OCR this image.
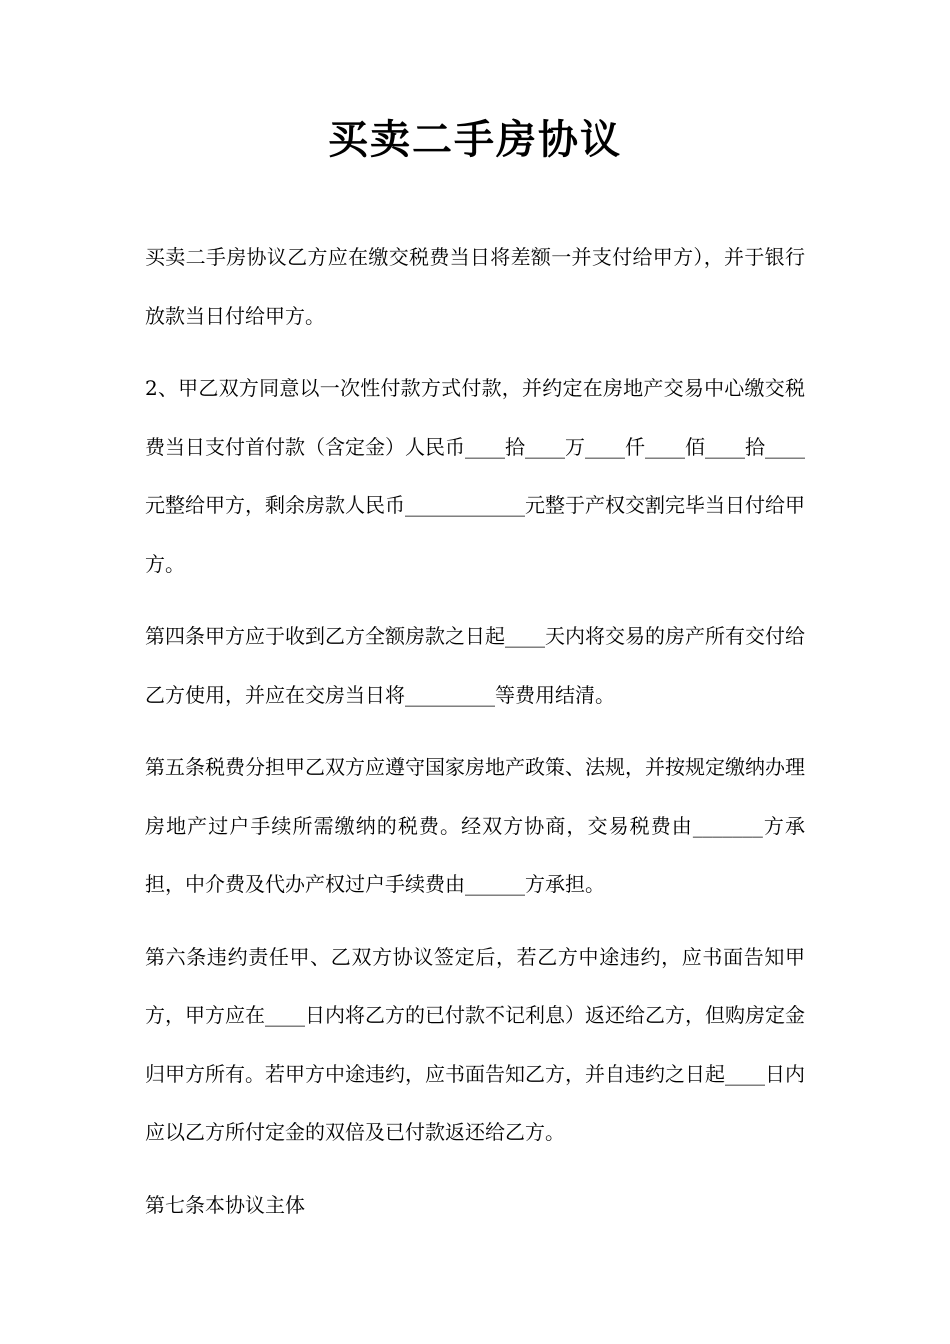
买卖二手房协议

买卖二手房协议乙方应在缴交税费当日将差额一并支付给甲方），并于银行放款当日付给甲方。

2、甲乙双方同意以一次性付款方式付款，并约定在房地产交易中心缴交税费当日支付首付款（含定金）人民币____拾____万____仟____佰____拾____元整给甲方，剩余房款人民币____________元整于产权交割完毕当日付给甲方。

第四条甲方应于收到乙方全额房款之日起____天内将交易的房产所有交付给乙方使用，并应在交房当日将_________等费用结清。

第五条税费分担甲乙双方应遵守国家房地产政策、法规，并按规定缴纳办理房地产过户手续所需缴纳的税费。经双方协商，交易税费由_______方承担，中介费及代办产权过户手续费由______方承担。

第六条违约责任甲、乙双方协议签定后，若乙方中途违约，应书面告知甲方，甲方应在____日内将乙方的已付款不记利息）返还给乙方，但购房定金归甲方所有。若甲方中途违约，应书面告知乙方，并自违约之日起____日内应以乙方所付定金的双倍及已付款返还给乙方。

第七条本协议主体
